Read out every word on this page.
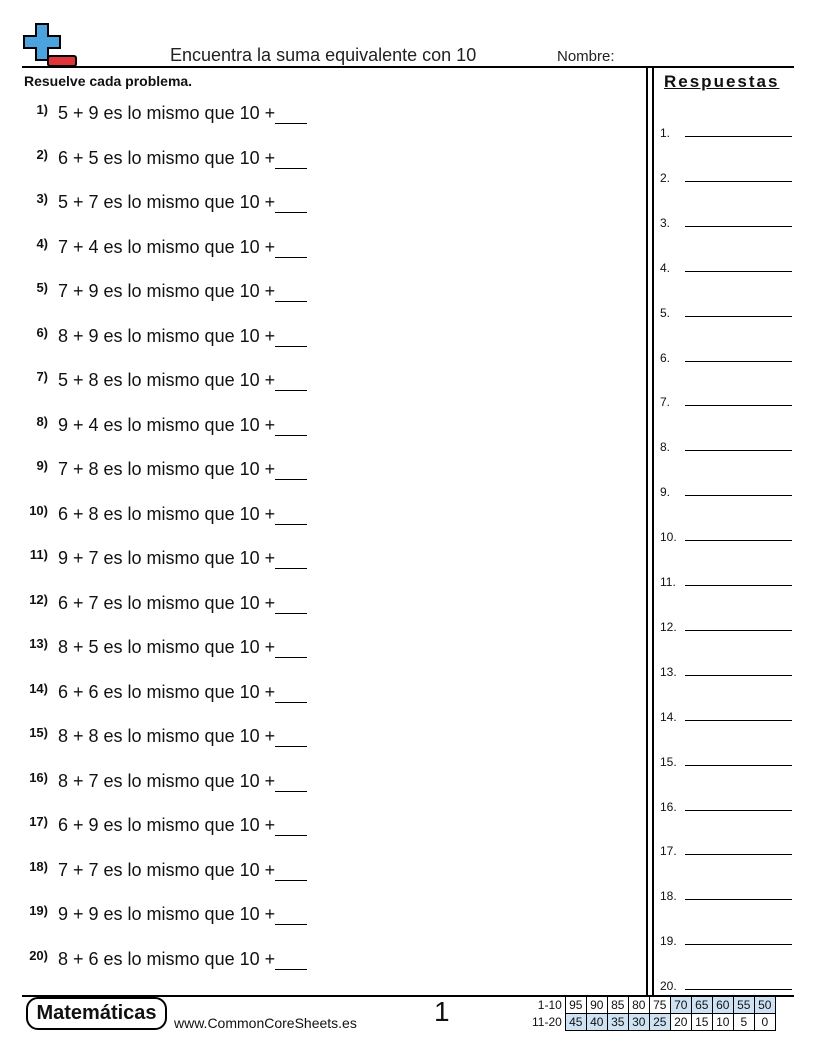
Encuentra la suma equivalente con 10	Nombre:
Resuelve cada problema.	Respuestas
1) 5 + 9 es lo mismo que 10 +
2) 6 + 5 es lo mismo que 10 +
3) 5 + 7 es lo mismo que 10 +
4) 7 + 4 es lo mismo que 10 +
5) 7 + 9 es lo mismo que 10 +
6) 8 + 9 es lo mismo que 10 +
7) 5 + 8 es lo mismo que 10 +
8) 9 + 4 es lo mismo que 10 +
9) 7 + 8 es lo mismo que 10 +
10) 6 + 8 es lo mismo que 10 +
11) 9 + 7 es lo mismo que 10 +
12) 6 + 7 es lo mismo que 10 +
13) 8 + 5 es lo mismo que 10 +
14) 6 + 6 es lo mismo que 10 +
15) 8 + 8 es lo mismo que 10 +
16) 8 + 7 es lo mismo que 10 +
17) 6 + 9 es lo mismo que 10 +
18) 7 + 7 es lo mismo que 10 +
19) 9 + 9 es lo mismo que 10 +
20) 8 + 6 es lo mismo que 10 +
1.
2.
3.
4.
5.
6.
7.
8.
9.
10.
11.
12.
13.
14.
15.
16.
17.
18.
19.
20.
Matemáticas	www.CommonCoreSheets.es	1	1-10	95	90	85	80	75	70	65	60	55	50
11-20	45	40	35	30	25	20	15	10	5	0
